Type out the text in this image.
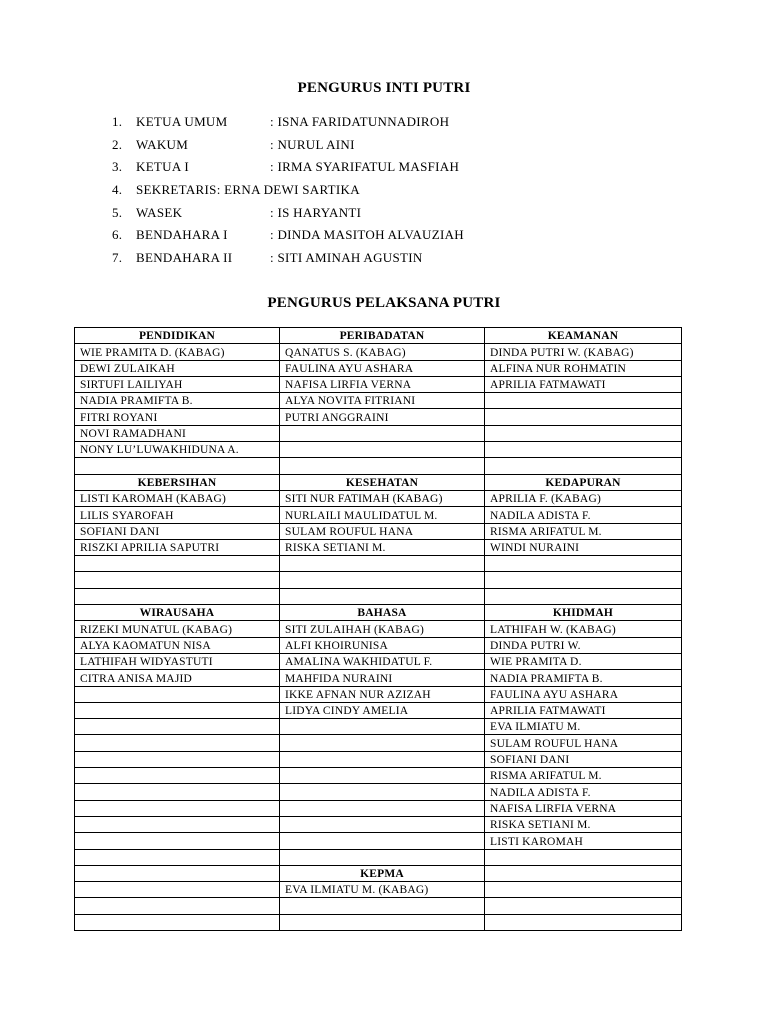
PENGURUS INTI PUTRI
1. KETUA UMUM	: ISNA FARIDATUNNADIROH
2. WAKUM	: NURUL AINI
3. KETUA I	: IRMA SYARIFATUL MASFIAH
4. SEKRETARIS: ERNA DEWI SARTIKA
5. WASEK	: IS HARYANTI
6. BENDAHARA I	: DINDA MASITOH ALVAUZIAH
7. BENDAHARA II	: SITI AMINAH AGUSTIN
PENGURUS PELAKSANA PUTRI
PENDIDIKAN	PERIBADATAN	KEAMANAN
WIE PRAMITA D. (KABAG)	QANATUS S. (KABAG)	DINDA PUTRI W. (KABAG)
DEWI ZULAIKAH	FAULINA AYU ASHARA	ALFINA NUR ROHMATIN
SIRTUFI LAILIYAH	NAFISA LIRFIA VERNA	APRILIA FATMAWATI
NADIA PRAMIFTA B.	ALYA NOVITA FITRIANI	
FITRI ROYANI	PUTRI ANGGRAINI	
NOVI RAMADHANI		
NONY LU’LUWAKHIDUNA A.		

KEBERSIHAN	KESEHATAN	KEDAPURAN
LISTI KAROMAH (KABAG)	SITI NUR FATIMAH (KABAG)	APRILIA F. (KABAG)
LILIS SYAROFAH	NURLAILI MAULIDATUL M.	NADILA ADISTA F.
SOFIANI DANI	SULAM ROUFUL HANA	RISMA ARIFATUL M.
RISZKI APRILIA SAPUTRI	RISKA SETIANI M.	WINDI NURAINI

WIRAUSAHA	BAHASA	KHIDMAH
RIZEKI MUNATUL (KABAG)	SITI ZULAIHAH (KABAG)	LATHIFAH W. (KABAG)
ALYA KAOMATUN NISA	ALFI KHOIRUNISA	DINDA PUTRI W.
LATHIFAH WIDYASTUTI	AMALINA WAKHIDATUL F.	WIE PRAMITA D.
CITRA ANISA MAJID	MAHFIDA NURAINI	NADIA PRAMIFTA B.
	IKKE AFNAN NUR AZIZAH	FAULINA AYU ASHARA
	LIDYA CINDY AMELIA	APRILIA FATMAWATI
		EVA ILMIATU M.
		SULAM ROUFUL HANA
		SOFIANI DANI
		RISMA ARIFATUL M.
		NADILA ADISTA F.
		NAFISA LIRFIA VERNA
		RISKA SETIANI M.
		LISTI KAROMAH

	KEPMA	
	EVA ILMIATU M. (KABAG)	
